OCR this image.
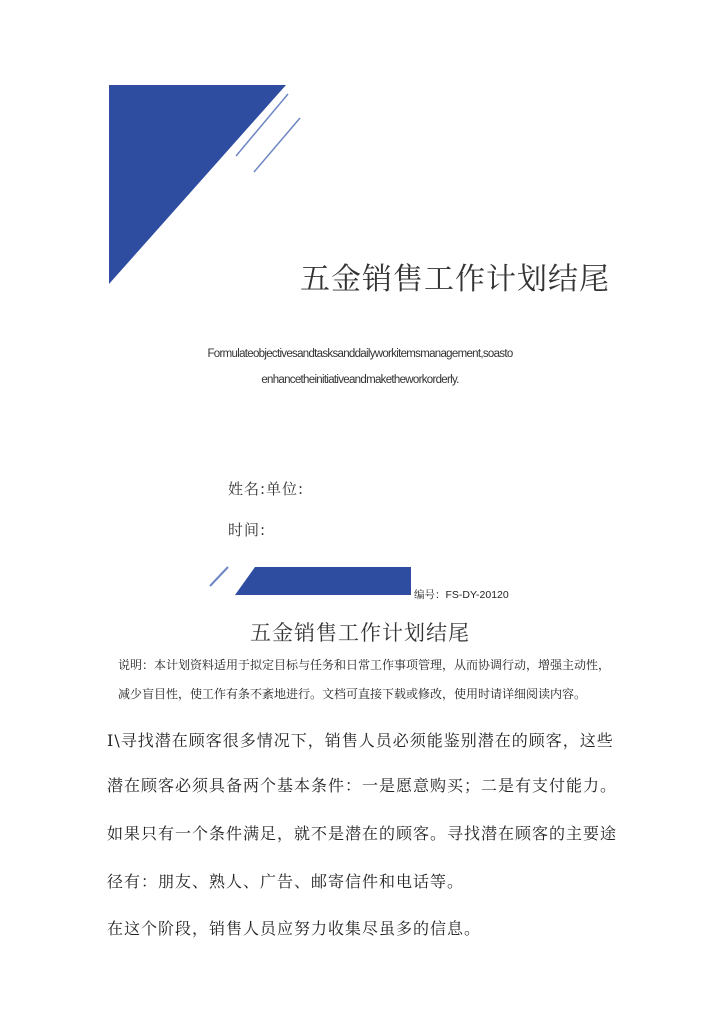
五金销售工作计划结尾
Formulateobjectivesandtasksanddailyworkitemsmanagement,soasto
enhancetheinitiativeandmaketheworkorderly.
姓名:单位:
时间:
编号：FS-DY-20120
五金销售工作计划结尾
说明：本计划资料适用于拟定目标与任务和日常工作事项管理，从而协调行动，增强主动性，
减少盲目性，使工作有条不紊地进行。文档可直接下载或修改，使用时请详细阅读内容。
I\寻找潜在顾客很多情况下，销售人员必须能鉴别潜在的顾客，这些
潜在顾客必须具备两个基本条件：一是愿意购买；二是有支付能力。
如果只有一个条件满足，就不是潜在的顾客。寻找潜在顾客的主要途
径有：朋友、熟人、广告、邮寄信件和电话等。
在这个阶段，销售人员应努力收集尽虽多的信息。
